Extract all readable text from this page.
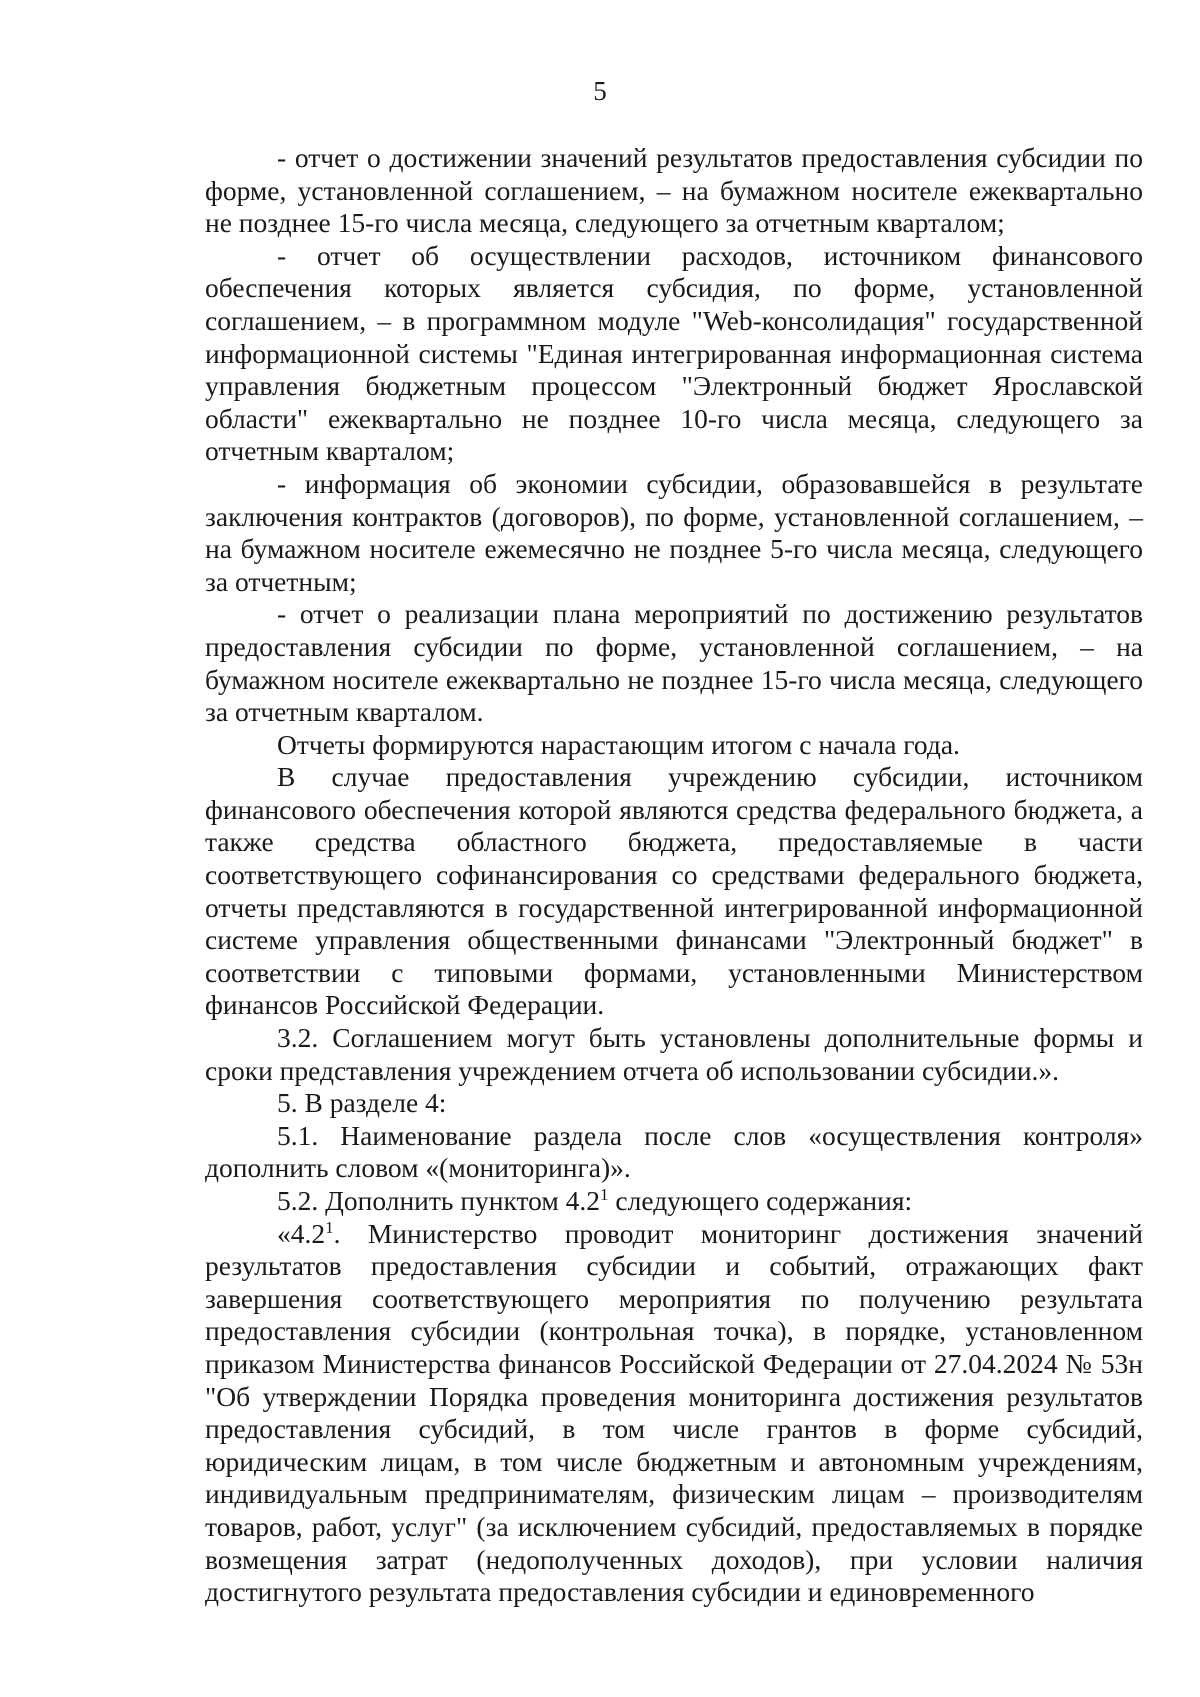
5

- отчет о достижении значений результатов предоставления субсидии по форме, установленной соглашением, – на бумажном носителе ежеквартально не позднее 15-го числа месяца, следующего за отчетным кварталом;

- отчет об осуществлении расходов, источником финансового обеспечения которых является субсидия, по форме, установленной соглашением, – в программном модуле "Web-консолидация" государственной информационной системы "Единая интегрированная информационная система управления бюджетным процессом "Электронный бюджет Ярославской области" ежеквартально не позднее 10-го числа месяца, следующего за отчетным кварталом;

- информация об экономии субсидии, образовавшейся в результате заключения контрактов (договоров), по форме, установленной соглашением, – на бумажном носителе ежемесячно не позднее 5-го числа месяца, следующего за отчетным;

- отчет о реализации плана мероприятий по достижению результатов предоставления субсидии по форме, установленной соглашением, – на бумажном носителе ежеквартально не позднее 15-го числа месяца, следующего за отчетным кварталом.

Отчеты формируются нарастающим итогом с начала года.

В случае предоставления учреждению субсидии, источником финансового обеспечения которой являются средства федерального бюджета, а также средства областного бюджета, предоставляемые в части соответствующего софинансирования со средствами федерального бюджета, отчеты представляются в государственной интегрированной информационной системе управления общественными финансами "Электронный бюджет" в соответствии с типовыми формами, установленными Министерством финансов Российской Федерации.

3.2. Соглашением могут быть установлены дополнительные формы и сроки представления учреждением отчета об использовании субсидии.».

5. В разделе 4:

5.1. Наименование раздела после слов «осуществления контроля» дополнить словом «(мониторинга)».

5.2. Дополнить пунктом $4.2^1$ следующего содержания:

«$4.2^1$. Министерство проводит мониторинг достижения значений результатов предоставления субсидии и событий, отражающих факт завершения соответствующего мероприятия по получению результата предоставления субсидии (контрольная точка), в порядке, установленном приказом Министерства финансов Российской Федерации от 27.04.2024 № 53н "Об утверждении Порядка проведения мониторинга достижения результатов предоставления субсидий, в том числе грантов в форме субсидий, юридическим лицам, в том числе бюджетным и автономным учреждениям, индивидуальным предпринимателям, физическим лицам – производителям товаров, работ, услуг" (за исключением субсидий, предоставляемых в порядке возмещения затрат (недополученных доходов), при условии наличия достигнутого результата предоставления субсидии и единовременного
